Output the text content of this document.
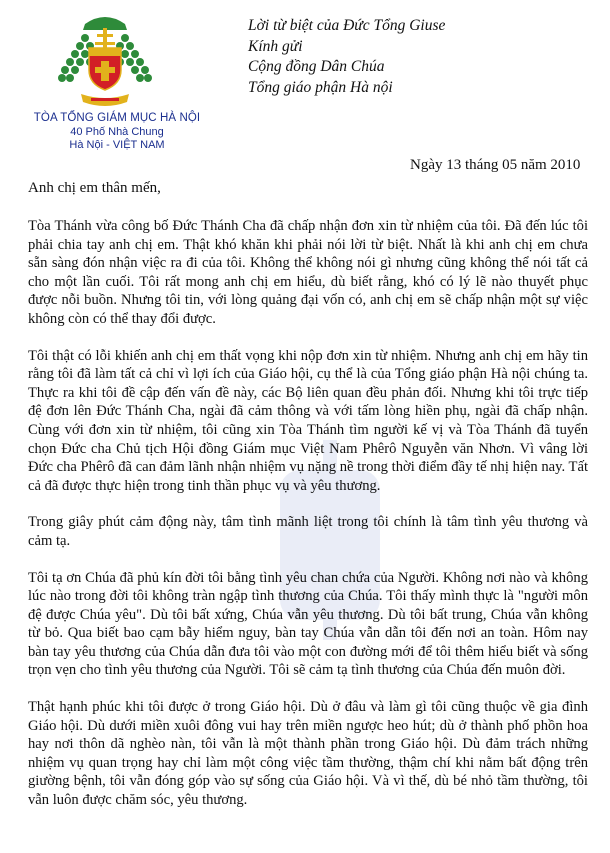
TÒA TỔNG GIÁM MỤC HÀ NỘI
40 Phố Nhà Chung
Hà Nội - VIỆT NAM
Lời từ biệt của Đức Tổng Giuse
Kính gửi
Cộng đồng Dân Chúa
Tổng giáo phận Hà nội
Ngày 13 tháng 05 năm 2010
Anh chị em thân mến,

Tòa Thánh vừa công bố Đức Thánh Cha đã chấp nhận đơn xin từ nhiệm của tôi. Đã đến lúc tôi phải chia tay anh chị em. Thật khó khăn khi phải nói lời từ biệt. Nhất là khi anh chị em chưa sẵn sàng đón nhận việc ra đi của tôi. Không thể không nói gì nhưng cũng không thể nói tất cả cho một lần cuối. Tôi rất mong anh chị em hiểu, dù biết rằng, khó có lý lẽ nào thuyết phục được nỗi buồn. Nhưng tôi tin, với lòng quảng đại vốn có, anh chị em sẽ chấp nhận một sự việc không còn có thể thay đổi được.

Tôi thật có lỗi khiến anh chị em thất vọng khi nộp đơn xin từ nhiệm. Nhưng anh chị em hãy tin rằng tôi đã làm tất cả chỉ vì lợi ích của Giáo hội, cụ thể là của Tổng giáo phận Hà nội chúng ta. Thực ra khi tôi đề cập đến vấn đề này, các Bộ liên quan đều phản đối. Nhưng khi tôi trực tiếp đệ đơn lên Đức Thánh Cha, ngài đã cảm thông và với tấm lòng hiền phụ, ngài đã chấp nhận. Cùng với đơn xin từ nhiệm, tôi cũng xin Tòa Thánh tìm người kế vị và Tòa Thánh đã tuyển chọn Đức cha Chủ tịch Hội đồng Giám mục Việt Nam Phêrô Nguyễn văn Nhơn. Vì vâng lời Đức cha Phêrô đã can đảm lãnh nhận nhiệm vụ nặng nề trong thời điểm đầy tế nhị hiện nay. Tất cả đã được thực hiện trong tinh thần phục vụ và yêu thương.

Trong giây phút cảm động này, tâm tình mãnh liệt trong tôi chính là tâm tình yêu thương và cảm tạ.

Tôi tạ ơn Chúa đã phủ kín đời tôi bằng tình yêu chan chứa của Người. Không nơi nào và không lúc nào trong đời tôi không tràn ngập tình thương của Chúa. Tôi thấy mình thực là "người môn đệ được Chúa yêu". Dù tôi bất xứng, Chúa vẫn yêu thương. Dù tôi bất trung, Chúa vẫn không từ bỏ. Qua biết bao cạm bẫy hiểm nguy, bàn tay Chúa vẫn dẫn tôi đến nơi an toàn. Hôm nay bàn tay yêu thương của Chúa dẫn đưa tôi vào một con đường mới để tôi thêm hiểu biết và sống trọn vẹn cho tình yêu thương của Người. Tôi sẽ cảm tạ tình thương của Chúa đến muôn đời.

Thật hạnh phúc khi tôi được ở trong Giáo hội. Dù ở đâu và làm gì tôi cũng thuộc về gia đình Giáo hội. Dù dưới miền xuôi đông vui hay trên miền ngược heo hút; dù ở thành phố phồn hoa hay nơi thôn dã nghèo nàn, tôi vẫn là một thành phần trong Giáo hội. Dù đảm trách những nhiệm vụ quan trọng hay chỉ làm một công việc tầm thường, thậm chí khi nằm bất động trên giường bệnh, tôi vẫn đóng góp vào sự sống của Giáo hội. Và vì thế, dù bé nhỏ tầm thường, tôi vẫn luôn được chăm sóc, yêu thương.
